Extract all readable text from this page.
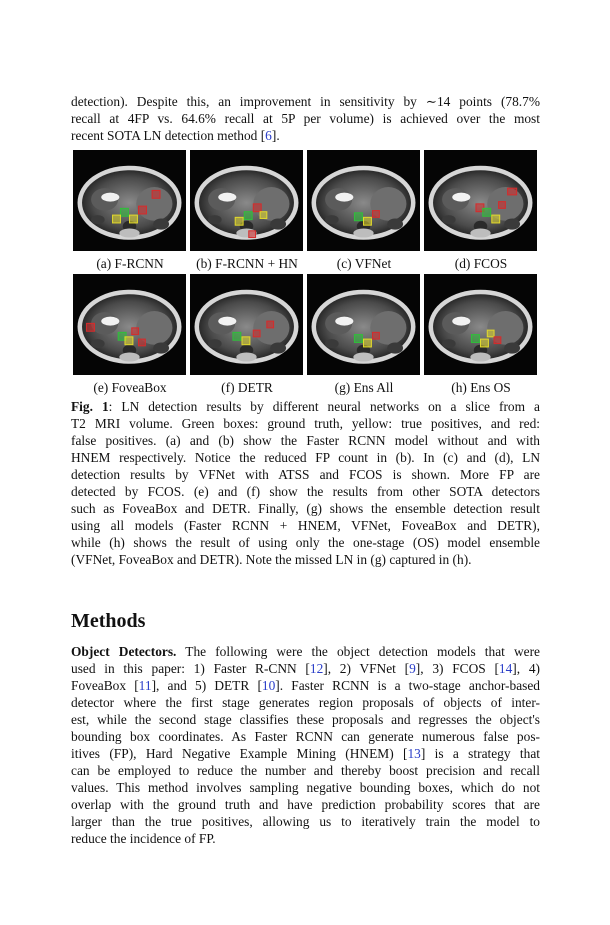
detection). Despite this, an improvement in sensitivity by ∼14 points (78.7%
recall at 4FP vs. 64.6% recall at 5P per volume) is achieved over the most
recent SOTA LN detection method [6].
(a) F-RCNN	(b) F-RCNN + HN	(c) VFNet	(d) FCOS
(e) FoveaBox	(f) DETR	(g) Ens All	(h) Ens OS
Fig. 1: LN detection results by different neural networks on a slice from a
T2 MRI volume. Green boxes: ground truth, yellow: true positives, and red:
false positives. (a) and (b) show the Faster RCNN model without and with
HNEM respectively. Notice the reduced FP count in (b). In (c) and (d), LN
detection results by VFNet with ATSS and FCOS is shown. More FP are
detected by FCOS. (e) and (f) show the results from other SOTA detectors
such as FoveaBox and DETR. Finally, (g) shows the ensemble detection result
using all models (Faster RCNN + HNEM, VFNet, FoveaBox and DETR),
while (h) shows the result of using only the one-stage (OS) model ensemble
(VFNet, FoveaBox and DETR). Note the missed LN in (g) captured in (h).
Methods
Object Detectors. The following were the object detection models that were
used in this paper: 1) Faster R-CNN [12], 2) VFNet [9], 3) FCOS [14], 4)
FoveaBox [11], and 5) DETR [10]. Faster RCNN is a two-stage anchor-based
detector where the first stage generates region proposals of objects of inter-
est, while the second stage classifies these proposals and regresses the object's
bounding box coordinates. As Faster RCNN can generate numerous false pos-
itives (FP), Hard Negative Example Mining (HNEM) [13] is a strategy that
can be employed to reduce the number and thereby boost precision and recall
values. This method involves sampling negative bounding boxes, which do not
overlap with the ground truth and have prediction probability scores that are
larger than the true positives, allowing us to iteratively train the model to
reduce the incidence of FP.
